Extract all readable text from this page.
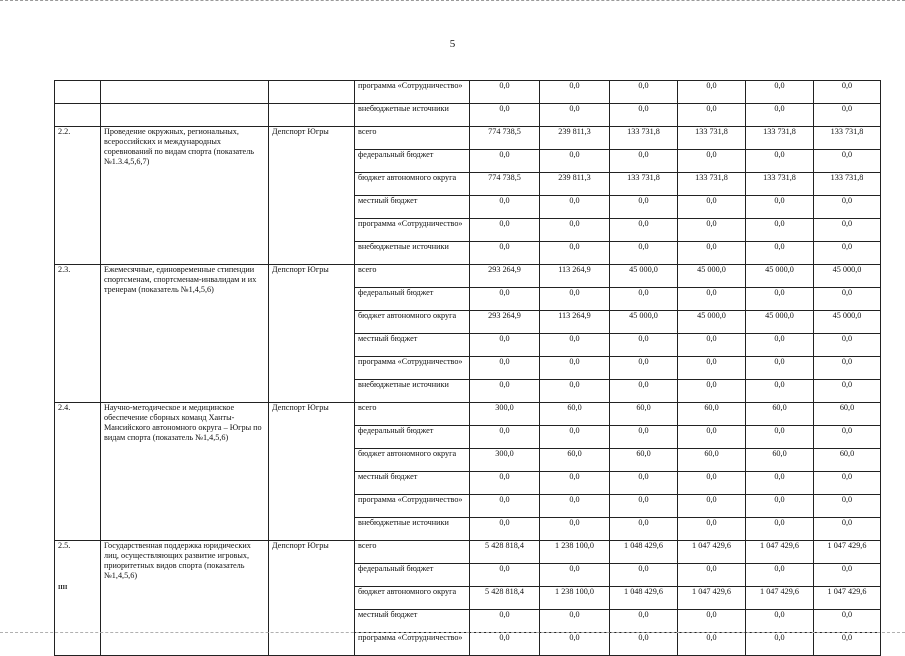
5
			программа «Сотрудничество»	0,0	0,0	0,0	0,0	0,0	0,0
			внебюджетные источники	0,0	0,0	0,0	0,0	0,0	0,0
2.2.	Проведение окружных, региональных, всероссийских и международных соревнований по видам спорта (показатель №1.3.4,5,6,7)	Депспорт Югры	всего	774 738,5	239 811,3	133 731,8	133 731,8	133 731,8	133 731,8
			федеральный бюджет	0,0	0,0	0,0	0,0	0,0	0,0
			бюджет автономного округа	774 738,5	239 811,3	133 731,8	133 731,8	133 731,8	133 731,8
			местный бюджет	0,0	0,0	0,0	0,0	0,0	0,0
			программа «Сотрудничество»	0,0	0,0	0,0	0,0	0,0	0,0
			внебюджетные источники	0,0	0,0	0,0	0,0	0,0	0,0
2.3.	Ежемесячные, единовременные стипендии спортсменам, спортсменам-инвалидам и их тренерам (показатель №1,4,5,6)	Депспорт Югры	всего	293 264,9	113 264,9	45 000,0	45 000,0	45 000,0	45 000,0
			федеральный бюджет	0,0	0,0	0,0	0,0	0,0	0,0
			бюджет автономного округа	293 264,9	113 264,9	45 000,0	45 000,0	45 000,0	45 000,0
			местный бюджет	0,0	0,0	0,0	0,0	0,0	0,0
			программа «Сотрудничество»	0,0	0,0	0,0	0,0	0,0	0,0
			внебюджетные источники	0,0	0,0	0,0	0,0	0,0	0,0
2.4.	Научно-методическое и медицинское обеспечение сборных команд Ханты-Мансийского автономного округа – Югры по видам спорта (показатель №1,4,5,6)	Депспорт Югры	всего	300,0	60,0	60,0	60,0	60,0	60,0
			федеральный бюджет	0,0	0,0	0,0	0,0	0,0	0,0
			бюджет автономного округа	300,0	60,0	60,0	60,0	60,0	60,0
			местный бюджет	0,0	0,0	0,0	0,0	0,0	0,0
			программа «Сотрудничество»	0,0	0,0	0,0	0,0	0,0	0,0
			внебюджетные источники	0,0	0,0	0,0	0,0	0,0	0,0
2.5.	Государственная поддержка юридических лиц, осуществляющих развитие игровых, приоритетных видов спорта (показатель №1,4,5,6)	Депспорт Югры	всего	5 428 818,4	1 238 100,0	1 048 429,6	1 047 429,6	1 047 429,6	1 047 429,6
			федеральный бюджет	0,0	0,0	0,0	0,0	0,0	0,0
			бюджет автономного округа	5 428 818,4	1 238 100,0	1 048 429,6	1 047 429,6	1 047 429,6	1 047 429,6
			местный бюджет	0,0	0,0	0,0	0,0	0,0	0,0
			программа «Сотрудничество»	0,0	0,0	0,0	0,0	0,0	0,0
IIII
